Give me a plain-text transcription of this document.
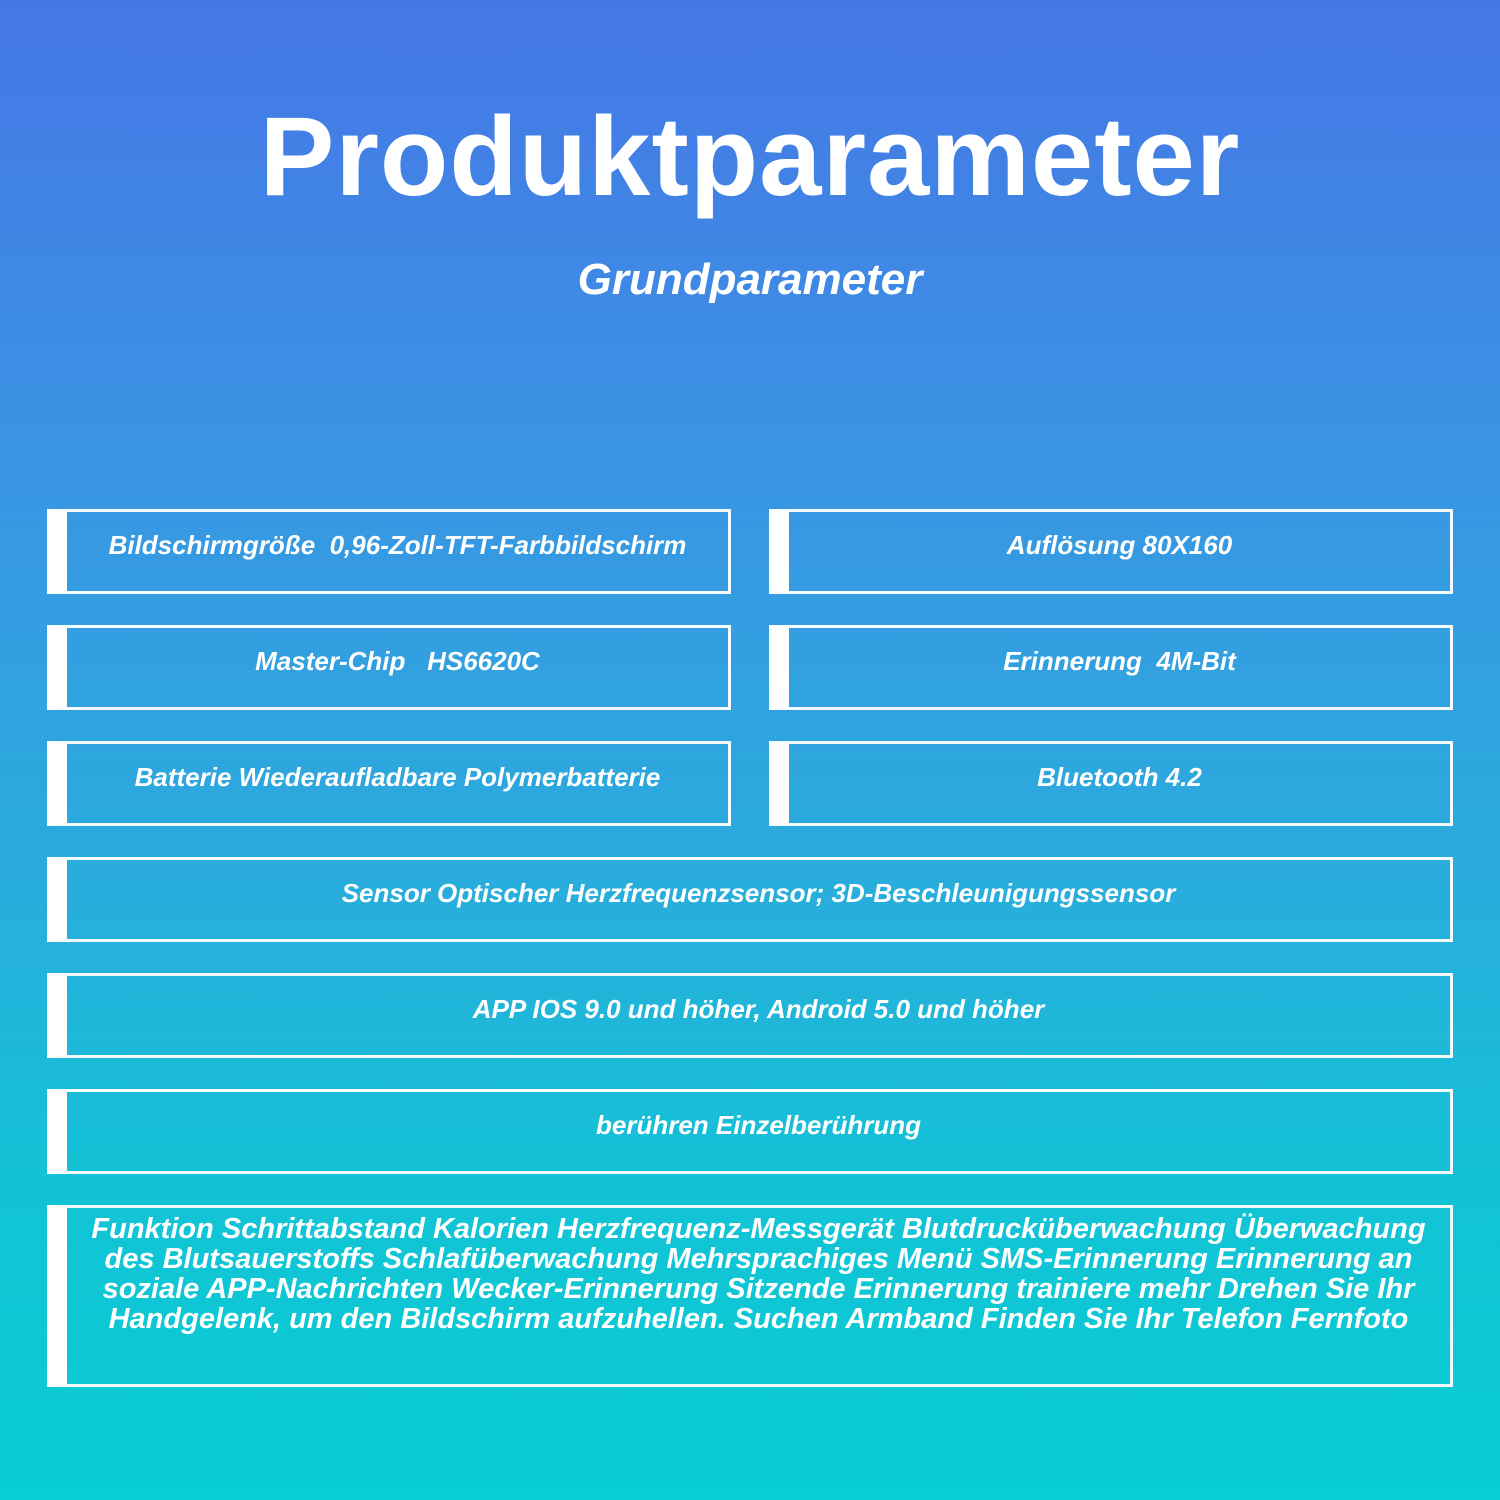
Produktparameter
Grundparameter
Bildschirmgröße  0,96-Zoll-TFT-Farbbildschirm	Auflösung 80X160
Master-Chip   HS6620C	Erinnerung  4M-Bit
Batterie Wiederaufladbare Polymerbatterie	Bluetooth 4.2
Sensor Optischer Herzfrequenzsensor; 3D-Beschleunigungssensor
APP IOS 9.0 und höher, Android 5.0 und höher
berühren Einzelberührung
Funktion Schrittabstand Kalorien Herzfrequenz-Messgerät Blutdrucküberwachung Überwachung des Blutsauerstoffs Schlafüberwachung Mehrsprachiges Menü SMS-Erinnerung Erinnerung an soziale APP-Nachrichten Wecker-Erinnerung Sitzende Erinnerung trainiere mehr Drehen Sie Ihr Handgelenk, um den Bildschirm aufzuhellen. Suchen Armband Finden Sie Ihr Telefon Fernfoto
